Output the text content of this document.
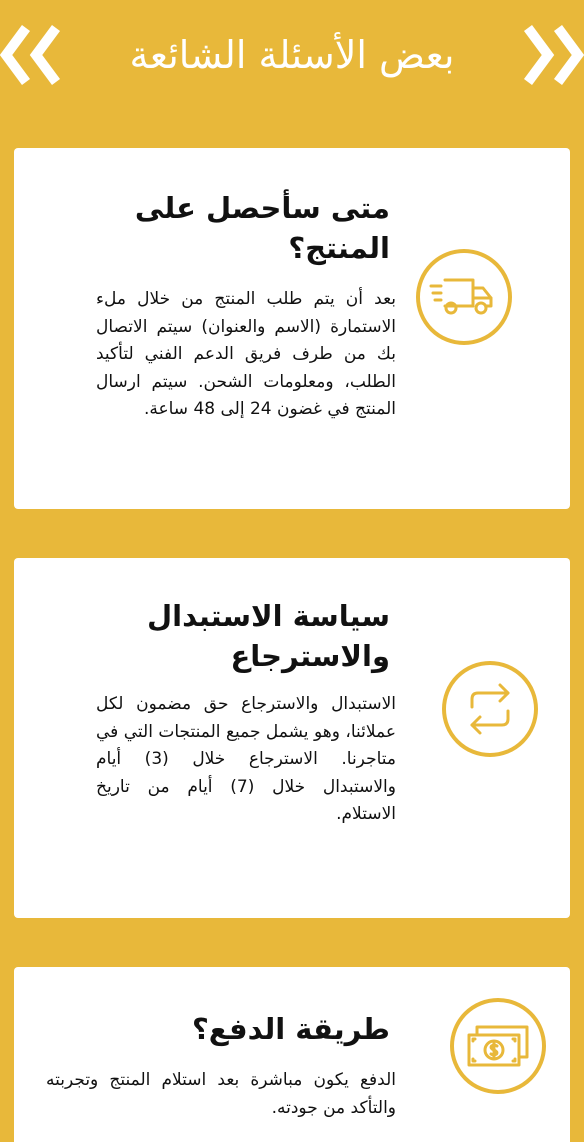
بعض الأسئلة الشائعة
متى سأحصل على
المنتج؟
بعد أن يتم طلب المنتج من خلال ملء الاستمارة (الاسم والعنوان) سيتم الاتصال بك من طرف فريق الدعم الفني لتأكيد الطلب، ومعلومات الشحن. سيتم ارسال المنتج في غضون 24 إلى 48 ساعة.
سياسة الاستبدال
والاسترجاع
الاستبدال والاسترجاع حق مضمون لكل عملائنا، وهو يشمل جميع المنتجات التي في متاجرنا. الاسترجاع خلال (3) أيام والاستبدال خلال (7) أيام من تاريخ الاستلام.
طريقة الدفع؟
الدفع يكون مباشرة بعد استلام المنتج وتجربته والتأكد من جودته.
